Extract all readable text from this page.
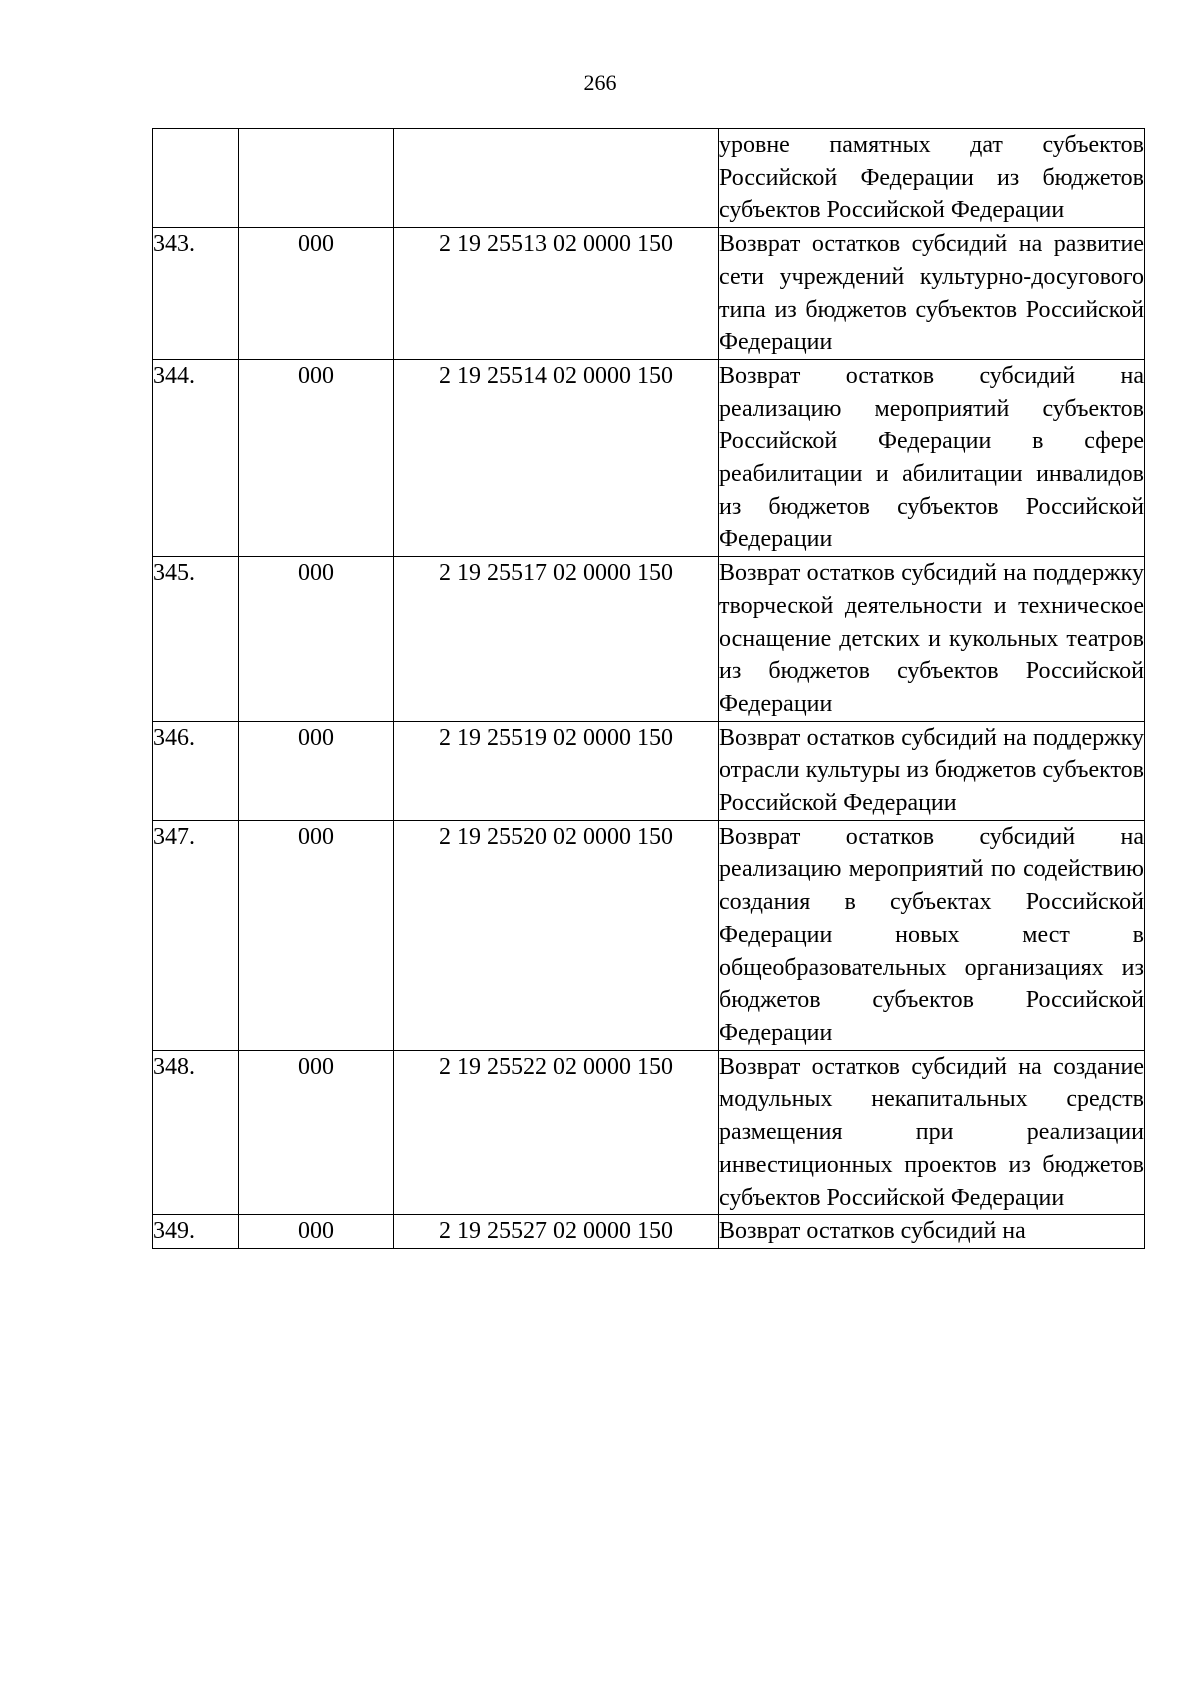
266
			уровне памятных дат субъектов Российской Федерации из бюджетов субъектов Российской Федерации
343.	000	2 19 25513 02 0000 150	Возврат остатков субсидий на развитие сети учреждений культурно-досугового типа из бюджетов субъектов Российской Федерации
344.	000	2 19 25514 02 0000 150	Возврат остатков субсидий на реализацию мероприятий субъектов Российской Федерации в сфере реабилитации и абилитации инвалидов из бюджетов субъектов Российской Федерации
345.	000	2 19 25517 02 0000 150	Возврат остатков субсидий на поддержку творческой деятельности и техническое оснащение детских и кукольных театров из бюджетов субъектов Российской Федерации
346.	000	2 19 25519 02 0000 150	Возврат остатков субсидий на поддержку отрасли культуры из бюджетов субъектов Российской Федерации
347.	000	2 19 25520 02 0000 150	Возврат остатков субсидий на реализацию мероприятий по содействию создания в субъектах Российской Федерации новых мест в общеобразовательных организациях из бюджетов субъектов Российской Федерации
348.	000	2 19 25522 02 0000 150	Возврат остатков субсидий на создание модульных некапитальных средств размещения при реализации инвестиционных проектов из бюджетов субъектов Российской Федерации
349.	000	2 19 25527 02 0000 150	Возврат остатков субсидий на
